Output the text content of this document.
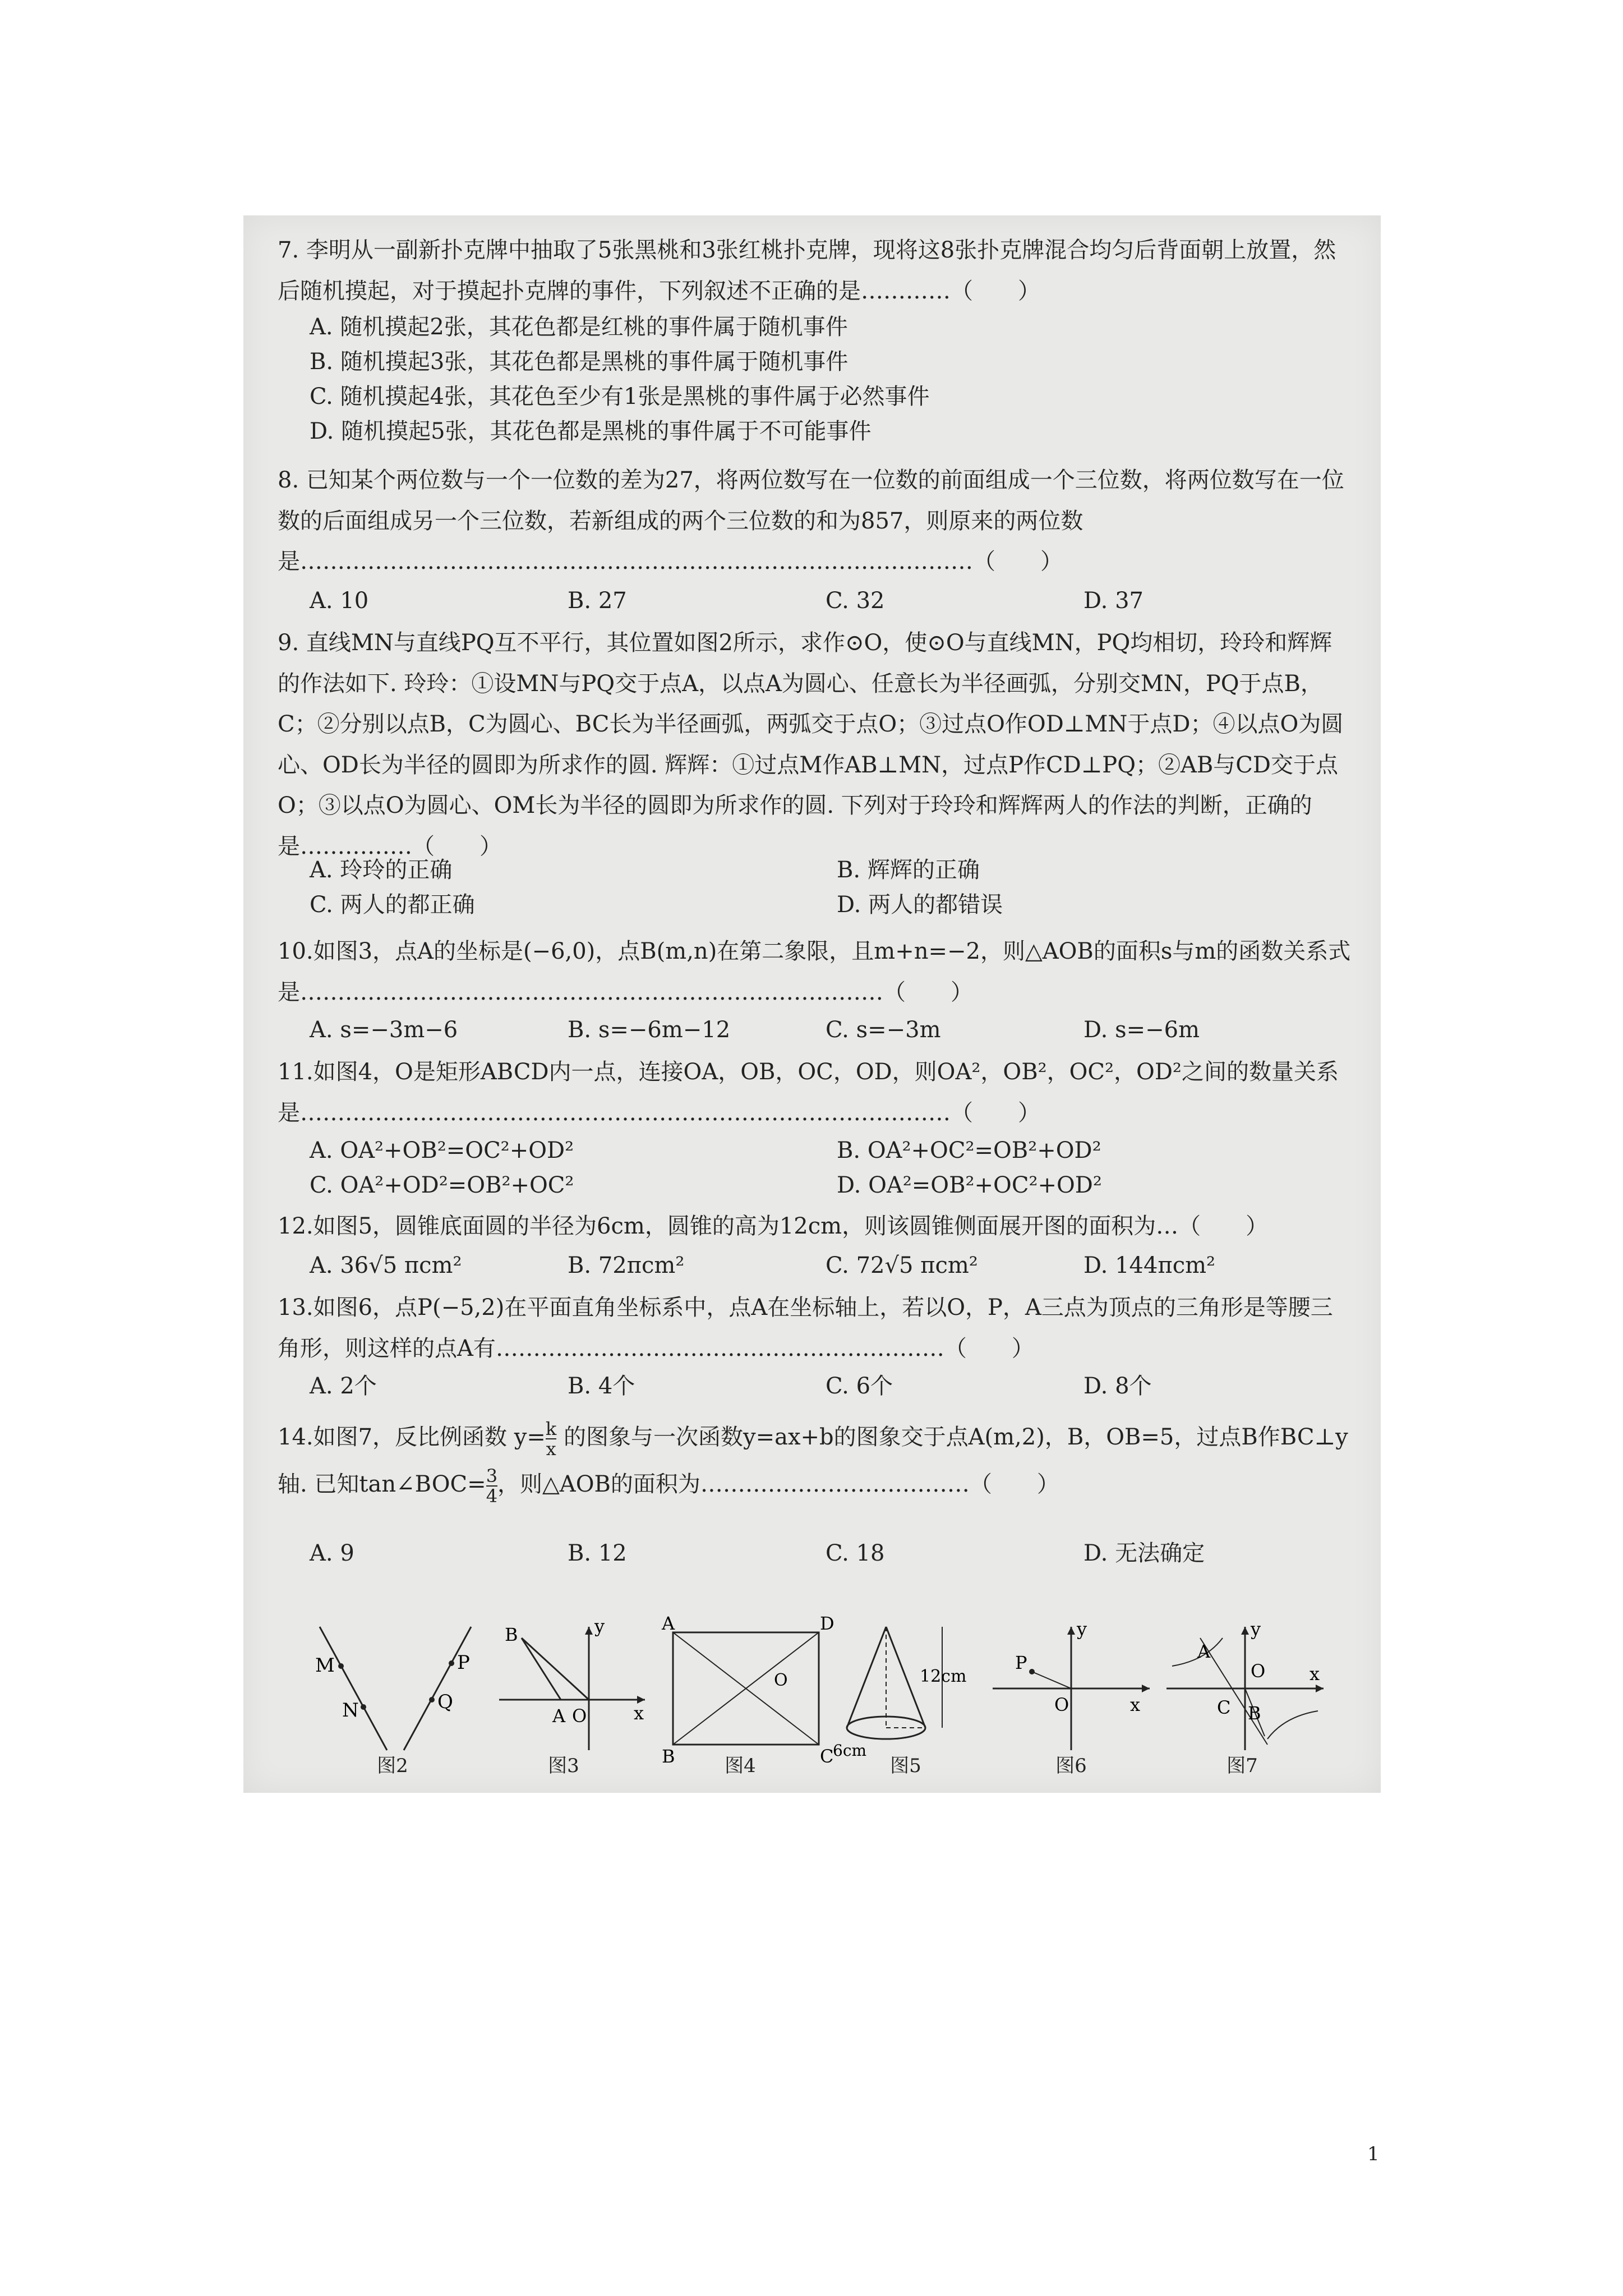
7. 李明从一副新扑克牌中抽取了5张黑桃和3张红桃扑克牌，现将这8张扑克牌混合均匀后背面朝上放置，然后随机摸起，对于摸起扑克牌的事件，下列叙述不正确的是…………（　　）
A. 随机摸起2张，其花色都是红桃的事件属于随机事件
B. 随机摸起3张，其花色都是黑桃的事件属于随机事件
C. 随机摸起4张，其花色至少有1张是黑桃的事件属于必然事件
D. 随机摸起5张，其花色都是黑桃的事件属于不可能事件
8. 已知某个两位数与一个一位数的差为27，将两位数写在一位数的前面组成一个三位数，将两位数写在一位数的后面组成另一个三位数，若新组成的两个三位数的和为857，则原来的两位数是………………………………………………………………………………（　　）
A. 10	B. 27	C. 32	D. 37
9. 直线MN与直线PQ互不平行，其位置如图2所示，求作⊙O，使⊙O与直线MN，PQ均相切，玲玲和辉辉的作法如下. 玲玲：①设MN与PQ交于点A，以点A为圆心、任意长为半径画弧，分别交MN，PQ于点B，C；②分别以点B，C为圆心、BC长为半径画弧，两弧交于点O；③过点O作OD⊥MN于点D；④以点O为圆心、OD长为半径的圆即为所求作的圆. 辉辉：①过点M作AB⊥MN，过点P作CD⊥PQ；②AB与CD交于点O；③以点O为圆心、OM长为半径的圆即为所求作的圆. 下列对于玲玲和辉辉两人的作法的判断，正确的是……………（　　）
A. 玲玲的正确	B. 辉辉的正确C. 两人的都正确	D. 两人的都错误
10.如图3，点A的坐标是(−6,0)，点B(m,n)在第二象限，且m+n=−2，则△AOB的面积s与m的函数关系式是……………………………………………………………………（　　）
A. s=−3m−6	B. s=−6m−12	C. s=−3m	D. s=−6m
11.如图4，O是矩形ABCD内一点，连接OA，OB，OC，OD，则OA²，OB²，OC²，OD²之间的数量关系是……………………………………………………………………………（　　）
A. OA²+OB²=OC²+OD²	B. OA²+OC²=OB²+OD²C. OA²+OD²=OB²+OC²	D. OA²=OB²+OC²+OD²
12.如图5，圆锥底面圆的半径为6cm，圆锥的高为12cm，则该圆锥侧面展开图的面积为…（　　）
A. 36√5 πcm²	B. 72πcm²	C. 72√5 πcm²	D. 144πcm²
13.如图6，点P(−5,2)在平面直角坐标系中，点A在坐标轴上，若以O，P，A三点为顶点的三角形是等腰三角形，则这样的点A有……………………………………………………（　　）
A. 2个	B. 4个	C. 6个	D. 8个
14.如图7，反比例函数 $y= \frac{k}{x}$ 的图象与一次函数y=ax+b的图象交于点A(m,2)，B，OB=5，过点B作BC⊥y轴. 已知tan∠BOC= $\frac{3}{4}$ ，则△AOB的面积为………………………………（　　）
A. 9	B. 12	C. 18	D. 无法确定
M
N
P
Q
图2
y
B
A O	x
图3
A	D
O
B	C
图4
12cm
6cm
图5
y
P
O	x
图6
y
A
O x
C B
图7
1
